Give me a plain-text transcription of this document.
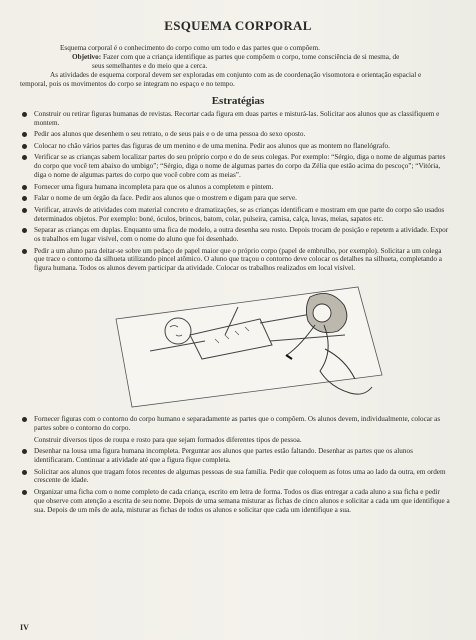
ESQUEMA CORPORAL

Esquema corporal é o conhecimento do corpo como um todo e das partes que o compõem.

Objetivo: Fazer com que a criança identifique as partes que compõem o corpo, tome consciência de si mesma, de
seus semelhantes e do meio que a cerca.

As atividades de esquema corporal devem ser exploradas em conjunto com as de coordenação visomotora e orientação espacial e temporal, pois os movimentos do corpo se integram no espaço e no tempo.

Estratégias
Construir ou retirar figuras humanas de revistas. Recortar cada figura em duas partes e misturá-las. Solicitar aos alunos que as classifiquem e montem.
Pedir aos alunos que desenhem o seu retrato, o de seus pais e o de uma pessoa do sexo oposto.
Colocar no chão vários partes das figuras de um menino e de uma menina. Pedir aos alunos que as montem no flanelógrafo.
Verificar se as crianças sabem localizar partes do seu próprio corpo e do de seus colegas. Por exemplo: “Sérgio, diga o nome de algumas partes do corpo que você tem abaixo do umbigo”; “Sérgio, diga o nome de algumas partes do corpo da Zélia que estão acima do pescoço”; “Vitória, diga o nome de algumas partes do corpo que você cobre com as meias”.
Fornecer uma figura humana incompleta para que os alunos a completem e pintem.
Falar o nome de um órgão da face. Pedir aos alunos que o mostrem e digam para que serve.
Verificar, através de atividades com material concreto e dramatizações, se as crianças identificam e mostram em que parte do corpo são usados determinados objetos. Por exemplo: boné, óculos, brincos, batom, colar, pulseira, camisa, calça, luvas, meias, sapatos etc.
Separar as crianças em duplas. Enquanto uma fica de modelo, a outra desenha seu rosto. Depois trocam de posição e repetem a atividade. Expor os trabalhos em lugar visível, com o nome do aluno que foi desenhado.
Pedir a um aluno para deitar-se sobre um pedaço de papel maior que o próprio corpo (papel de embrulho, por exemplo). Solicitar a um colega que trace o contorno da silhueta utilizando pincel atômico. O aluno que traçou o contorno deve colocar os detalhes na silhueta, completando a figura humana. Todos os alunos devem participar da atividade. Colocar os trabalhos realizados em local visível.
Fornecer figuras com o contorno do corpo humano e separadamente as partes que o compõem. Os alunos devem, individualmente, colocar as partes sobre o contorno do corpo.

Construir diversos tipos de roupa e rosto para que sejam formados diferentes tipos de pessoa.

Desenhar na lousa uma figura humana incompleta. Perguntar aos alunos que partes estão faltando. Desenhar as partes que os alunos identificaram. Continuar a atividade até que a figura fique completa.
Solicitar aos alunos que tragam fotos recentes de algumas pessoas de sua família. Pedir que coloquem as fotos uma ao lado da outra, em ordem crescente de idade.
Organizar uma ficha com o nome completo de cada criança, escrito em letra de forma. Todos os dias entregar a cada aluno a sua ficha e pedir que observe com atenção a escrita de seu nome. Depois de uma semana misturar as fichas de cinco alunos e solicitar a cada um que identifique a sua. Depois de um mês de aula, misturar as fichas de todos os alunos e solicitar que cada um identifique a sua.
IV
